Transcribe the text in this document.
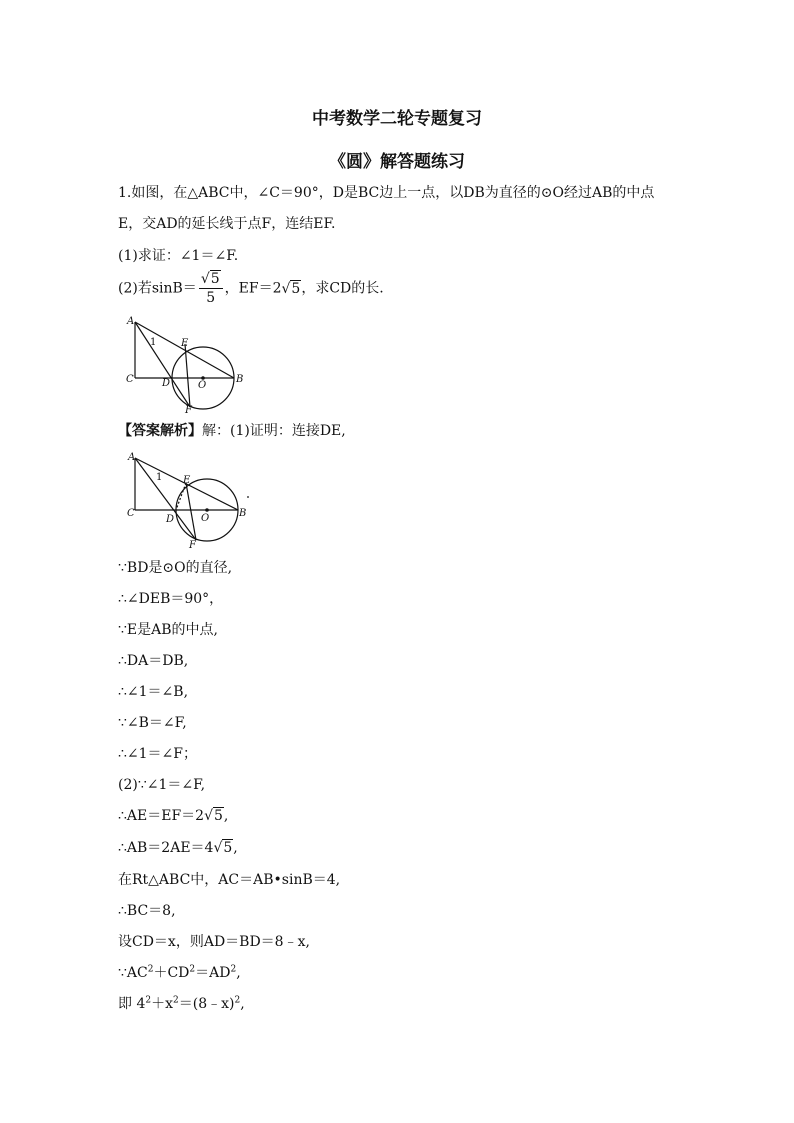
中考数学二轮专题复习
《圆》解答题练习
1.如图，在△ABC中，∠C＝90°，D是BC边上一点，以DB为直径的⊙O经过AB的中点
E，交AD的延长线于点F，连结EF.
(1)求证：∠1＝∠F.
(2)若$\sin B= \frac{√5}{5}$ ，EF＝2√5，求CD的长.
A
C	D	O
B
E
F
1
【答案解析】解：(1)证明：连接DE,
A
C
D	O	B
E
F
1
∵BD是⊙O的直径,
∴∠DEB＝90°，
∵E是AB的中点,
∴DA＝DB,
∴∠1＝∠B,
∵∠B＝∠F,
∴∠1＝∠F；
(2)∵∠1＝∠F,
∴AE＝EF＝2√5,
∴AB＝2AE＝4√5,
在Rt△ABC中，AC＝AB•sinB＝4,
∴BC＝8,
设CD＝x，则AD＝BD＝8﹣x,
$\because AC^2+CD^2=AD^2$,
即 $4^2+x^2=(8﹣x)^2$,
